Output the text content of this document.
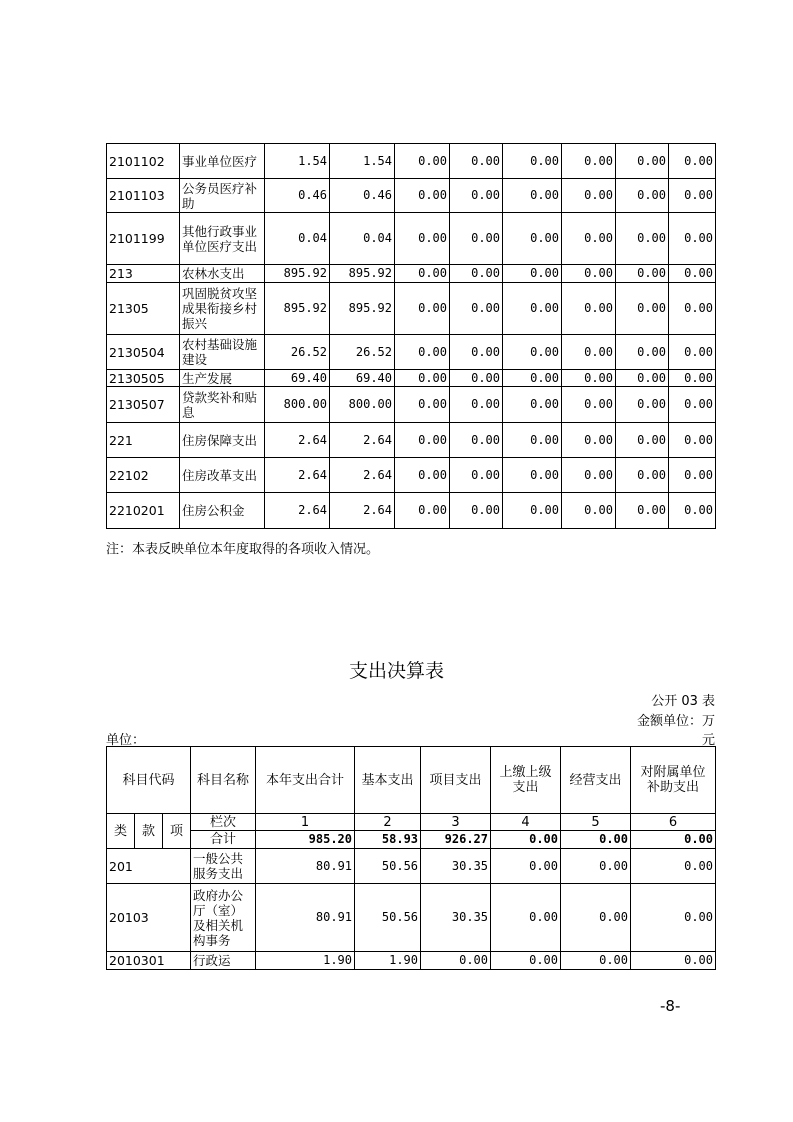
2101102	事业单位医疗	1.54	1.54	0.00	0.00	0.00	0.00	0.00	0.00
2101103	公务员医疗补助	0.46	0.46	0.00	0.00	0.00	0.00	0.00	0.00
2101199	其他行政事业单位医疗支出	0.04	0.04	0.00	0.00	0.00	0.00	0.00	0.00
213	农林水支出	895.92	895.92	0.00	0.00	0.00	0.00	0.00	0.00
21305	巩固脱贫攻坚成果衔接乡村振兴	895.92	895.92	0.00	0.00	0.00	0.00	0.00	0.00
2130504	农村基础设施建设	26.52	26.52	0.00	0.00	0.00	0.00	0.00	0.00
2130505	生产发展	69.40	69.40	0.00	0.00	0.00	0.00	0.00	0.00
2130507	贷款奖补和贴息	800.00	800.00	0.00	0.00	0.00	0.00	0.00	0.00
221	住房保障支出	2.64	2.64	0.00	0.00	0.00	0.00	0.00	0.00
22102	住房改革支出	2.64	2.64	0.00	0.00	0.00	0.00	0.00	0.00
2210201	住房公积金	2.64	2.64	0.00	0.00	0.00	0.00	0.00	0.00
注：本表反映单位本年度取得的各项收入情况。
支出决算表
公开 03 表
金额单位：万
元
单位：
科目代码			科目名称	本年支出合计	基本支出	项目支出	上缴上级支出	经营支出	对附属单位补助支出
类	款	项	栏次	1	2	3	4	5	6
			合计	985.20	58.93	926.27	0.00	0.00	0.00
201			一般公共服务支出	80.91	50.56	30.35	0.00	0.00	0.00
20103			政府办公厅（室）及相关机构事务	80.91	50.56	30.35	0.00	0.00	0.00
2010301			行政运	1.90	1.90	0.00	0.00	0.00	0.00
-8-
